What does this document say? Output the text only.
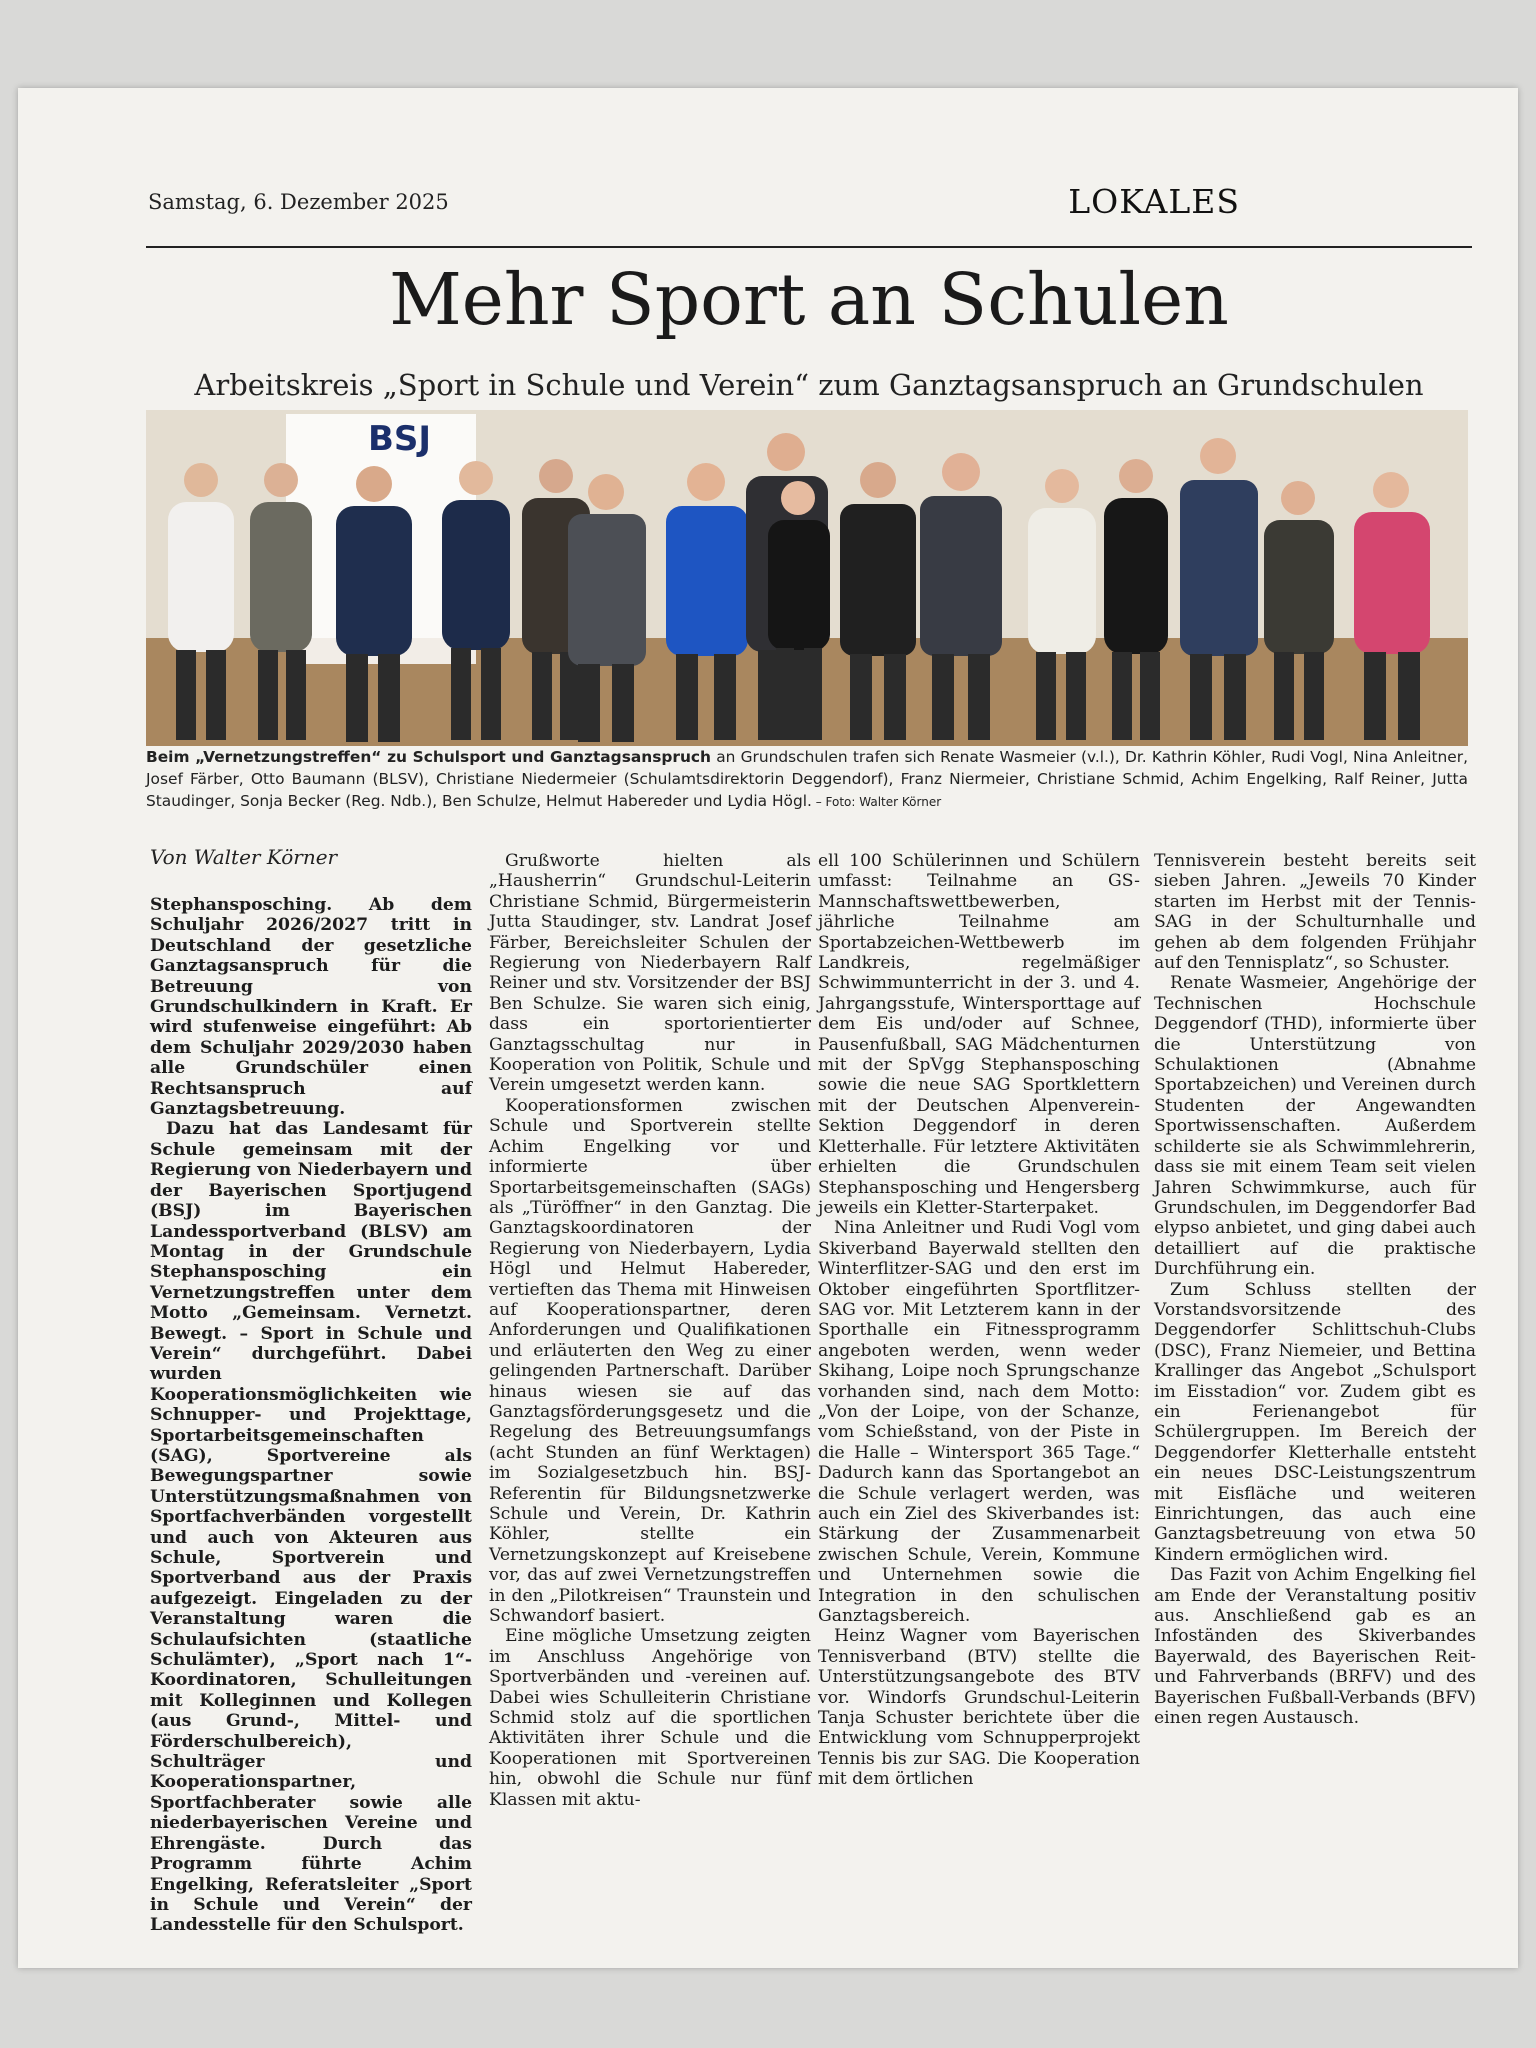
Samstag, 6. Dezember 2025	LOKALES
Mehr Sport an Schulen
Arbeitskreis „Sport in Schule und Verein“ zum Ganztagsanspruch an Grundschulen
BSJ
Beim „Vernetzungstreffen“ zu Schulsport und Ganztagsanspruch an Grundschulen trafen sich Renate Wasmeier (v.l.), Dr. Kathrin Köhler, Rudi Vogl, Nina Anleitner, Josef Färber, Otto Baumann (BLSV), Christiane Niedermeier (Schulamtsdirektorin Deggendorf), Franz Niermeier, Christiane Schmid, Achim Engelking, Ralf Reiner, Jutta Staudinger, Sonja Becker (Reg. Ndb.), Ben Schulze, Helmut Habereder und Lydia Högl. – Foto: Walter Körner
Von Walter Körner

Stephansposching. Ab dem Schuljahr 2026/2027 tritt in Deutschland der gesetzliche Ganztagsanspruch für die Betreuung von Grundschulkindern in Kraft. Er wird stufenweise eingeführt: Ab dem Schuljahr 2029/2030 haben alle Grundschüler einen Rechtsanspruch auf Ganztagsbetreuung.

Dazu hat das Landesamt für Schule gemeinsam mit der Regierung von Niederbayern und der Bayerischen Sportjugend (BSJ) im Bayerischen Landessportverband (BLSV) am Montag in der Grundschule Stephansposching ein Vernetzungstreffen unter dem Motto „Gemeinsam. Vernetzt. Bewegt. – Sport in Schule und Verein“ durchgeführt. Dabei wurden Kooperationsmöglichkeiten wie Schnupper- und Projekttage, Sportarbeitsgemeinschaften (SAG), Sportvereine als Bewegungspartner sowie Unterstützungsmaßnahmen von Sportfachverbänden vorgestellt und auch von Akteuren aus Schule, Sportverein und Sportverband aus der Praxis aufgezeigt. Eingeladen zu der Veranstaltung waren die Schulaufsichten (staatliche Schulämter), „Sport nach 1“-Koordinatoren, Schulleitungen mit Kolleginnen und Kollegen (aus Grund-, Mittel- und Förderschulbereich), Schulträger und Kooperationspartner, Sportfachberater sowie alle niederbayerischen Vereine und Ehrengäste. Durch das Programm führte Achim Engelking, Referatsleiter „Sport in Schule und Verein“ der Landesstelle für den Schulsport.

Grußworte hielten als „Hausherrin“ Grundschul-Leiterin Christiane Schmid, Bürgermeisterin Jutta Staudinger, stv. Landrat Josef Färber, Bereichsleiter Schulen der Regierung von Niederbayern Ralf Reiner und stv. Vorsitzender der BSJ Ben Schulze. Sie waren sich einig, dass ein sportorientierter Ganztagsschultag nur in Kooperation von Politik, Schule und Verein umgesetzt werden kann.

Kooperationsformen zwischen Schule und Sportverein stellte Achim Engelking vor und informierte über Sportarbeitsgemeinschaften (SAGs) als „Türöffner“ in den Ganztag. Die Ganztagskoordinatoren der Regierung von Niederbayern, Lydia Högl und Helmut Habereder, vertieften das Thema mit Hinweisen auf Kooperationspartner, deren Anforderungen und Qualifikationen und erläuterten den Weg zu einer gelingenden Partnerschaft. Darüber hinaus wiesen sie auf das Ganztagsförderungsgesetz und die Regelung des Betreuungsumfangs (acht Stunden an fünf Werktagen) im Sozialgesetzbuch hin. BSJ-Referentin für Bildungsnetzwerke Schule und Verein, Dr. Kathrin Köhler, stellte ein Vernetzungskonzept auf Kreisebene vor, das auf zwei Vernetzungstreffen in den „Pilotkreisen“ Traunstein und Schwandorf basiert.

Eine mögliche Umsetzung zeigten im Anschluss Angehörige von Sportverbänden und -vereinen auf. Dabei wies Schulleiterin Christiane Schmid stolz auf die sportlichen Aktivitäten ihrer Schule und die Kooperationen mit Sportvereinen hin, obwohl die Schule nur fünf Klassen mit aktu-

ell 100 Schülerinnen und Schülern umfasst: Teilnahme an GS-Mannschaftswettbewerben, jährliche Teilnahme am Sportabzeichen-Wettbewerb im Landkreis, regelmäßiger Schwimmunterricht in der 3. und 4. Jahrgangsstufe, Wintersporttage auf dem Eis und/oder auf Schnee, Pausenfußball, SAG Mädchenturnen mit der SpVgg Stephansposching sowie die neue SAG Sportklettern mit der Deutschen Alpenverein-Sektion Deggendorf in deren Kletterhalle. Für letztere Aktivitäten erhielten die Grundschulen Stephansposching und Hengersberg jeweils ein Kletter-Starterpaket.

Nina Anleitner und Rudi Vogl vom Skiverband Bayerwald stellten den Winterflitzer-SAG und den erst im Oktober eingeführten Sportflitzer-SAG vor. Mit Letzterem kann in der Sporthalle ein Fitnessprogramm angeboten werden, wenn weder Skihang, Loipe noch Sprungschanze vorhanden sind, nach dem Motto: „Von der Loipe, von der Schanze, vom Schießstand, von der Piste in die Halle – Wintersport 365 Tage.“ Dadurch kann das Sportangebot an die Schule verlagert werden, was auch ein Ziel des Skiverbandes ist: Stärkung der Zusammenarbeit zwischen Schule, Verein, Kommune und Unternehmen sowie die Integration in den schulischen Ganztagsbereich.

Heinz Wagner vom Bayerischen Tennisverband (BTV) stellte die Unterstützungsangebote des BTV vor. Windorfs Grundschul-Leiterin Tanja Schuster berichtete über die Entwicklung vom Schnupperprojekt Tennis bis zur SAG. Die Kooperation mit dem örtlichen

Tennisverein besteht bereits seit sieben Jahren. „Jeweils 70 Kinder starten im Herbst mit der Tennis-SAG in der Schulturnhalle und gehen ab dem folgenden Frühjahr auf den Tennisplatz“, so Schuster.

Renate Wasmeier, Angehörige der Technischen Hochschule Deggendorf (THD), informierte über die Unterstützung von Schulaktionen (Abnahme Sportabzeichen) und Vereinen durch Studenten der Angewandten Sportwissenschaften. Außerdem schilderte sie als Schwimmlehrerin, dass sie mit einem Team seit vielen Jahren Schwimmkurse, auch für Grundschulen, im Deggendorfer Bad elypso anbietet, und ging dabei auch detailliert auf die praktische Durchführung ein.

Zum Schluss stellten der Vorstandsvorsitzende des Deggendorfer Schlittschuh-Clubs (DSC), Franz Niemeier, und Bettina Krallinger das Angebot „Schulsport im Eisstadion“ vor. Zudem gibt es ein Ferienangebot für Schülergruppen. Im Bereich der Deggendorfer Kletterhalle entsteht ein neues DSC-Leistungszentrum mit Eisfläche und weiteren Einrichtungen, das auch eine Ganztagsbetreuung von etwa 50 Kindern ermöglichen wird.

Das Fazit von Achim Engelking fiel am Ende der Veranstaltung positiv aus. Anschließend gab es an Infoständen des Skiverbandes Bayerwald, des Bayerischen Reit- und Fahrverbands (BRFV) und des Bayerischen Fußball-Verbands (BFV) einen regen Austausch.
